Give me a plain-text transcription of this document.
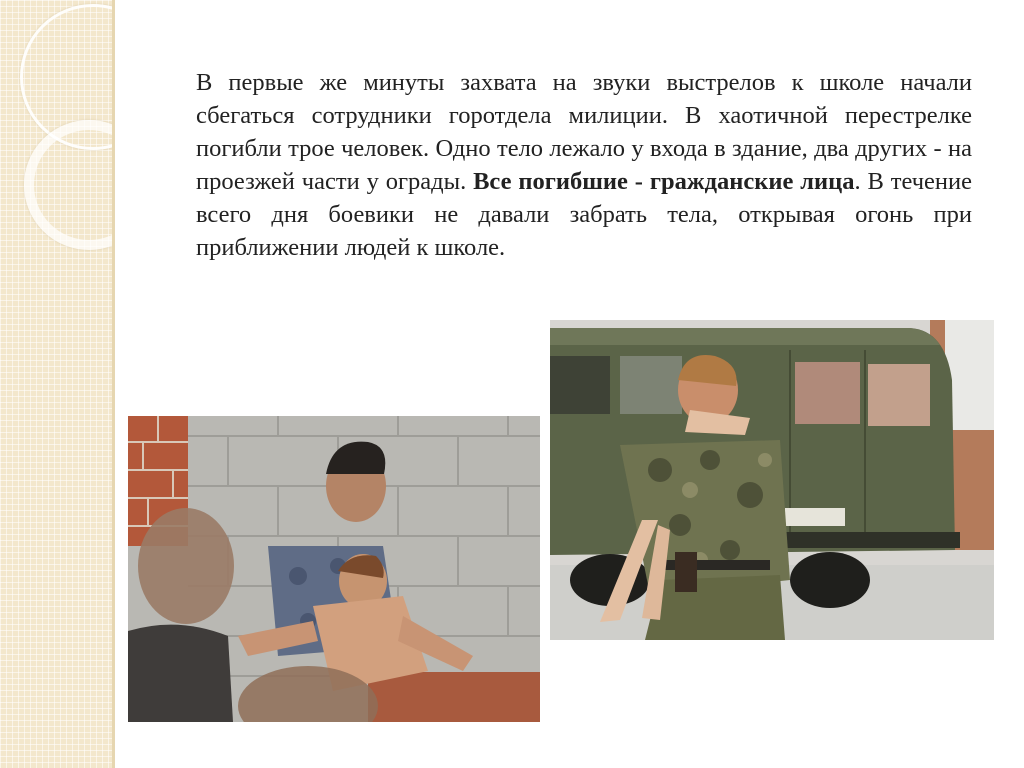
В первые же минуты захвата на звуки выстрелов к школе начали сбегаться сотрудники горотдела милиции. В хаотичной перестрелке погибли трое человек. Одно тело лежало у входа в здание, два других - на проезжей части у ограды. Все погибшие - гражданские лица. В течение всего дня боевики не давали забрать тела, открывая огонь при приближении людей к школе.
